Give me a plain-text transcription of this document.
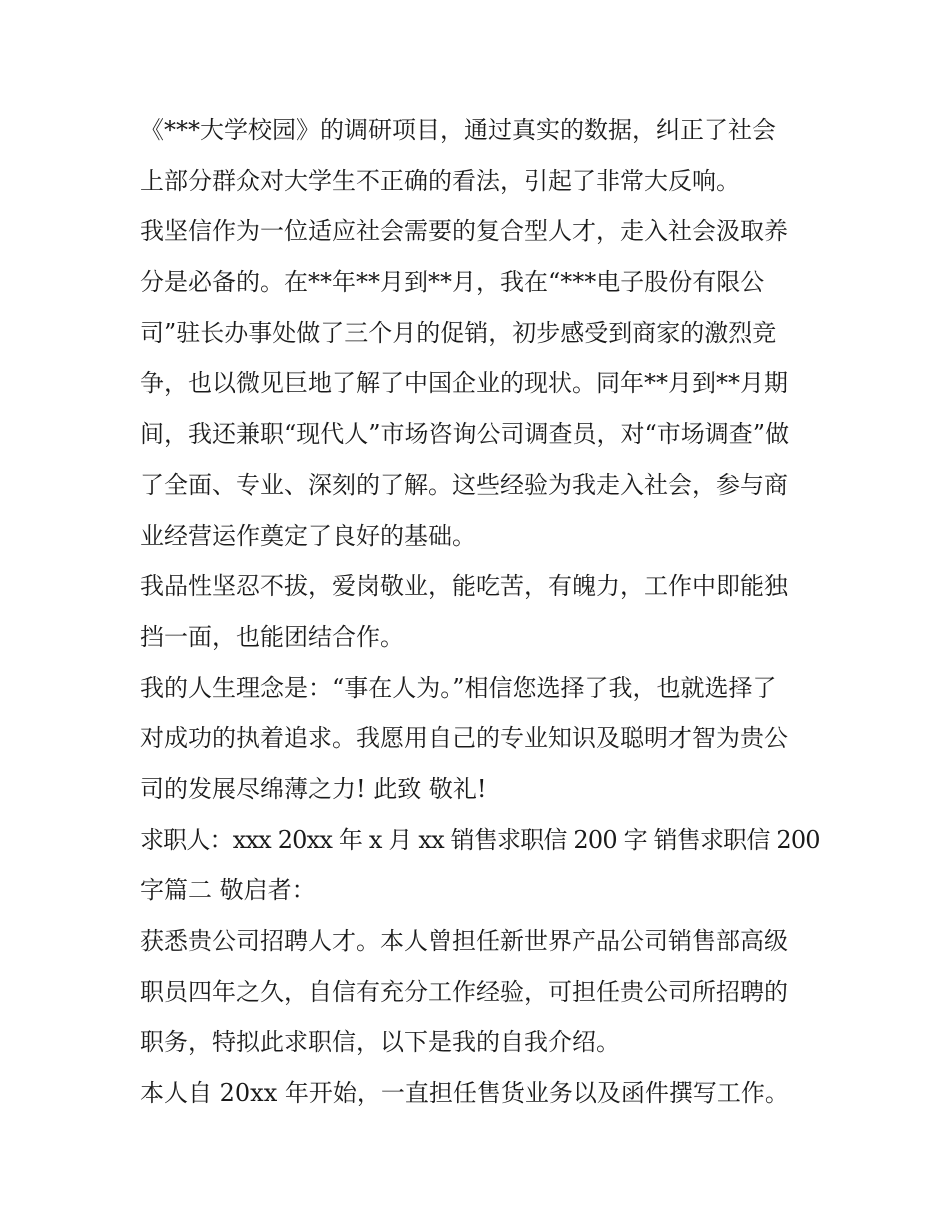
《***大学校园》的调研项目，通过真实的数据，纠正了社会
上部分群众对大学生不正确的看法，引起了非常大反响。
我坚信作为一位适应社会需要的复合型人才，走入社会汲取养
分是必备的。在**年**月到**月，我在“***电子股份有限公
司”驻长办事处做了三个月的促销，初步感受到商家的激烈竞
争，也以微见巨地了解了中国企业的现状。同年**月到**月期
间，我还兼职“现代人”市场咨询公司调查员，对“市场调查”做
了全面、专业、深刻的了解。这些经验为我走入社会，参与商
业经营运作奠定了良好的基础。
我品性坚忍不拔，爱岗敬业，能吃苦，有魄力，工作中即能独
挡一面，也能团结合作。
我的人生理念是：“事在人为。”相信您选择了我，也就选择了
对成功的执着追求。我愿用自己的专业知识及聪明才智为贵公
司的发展尽绵薄之力! 此致 敬礼!
求职人：xxx 20xx 年 x 月 xx 销售求职信 200 字 销售求职信 200
字篇二 敬启者：
获悉贵公司招聘人才。本人曾担任新世界产品公司销售部高级
职员四年之久，自信有充分工作经验，可担任贵公司所招聘的
职务，特拟此求职信，以下是我的自我介绍。
本人自 20xx 年开始，一直担任售货业务以及函件撰写工作。
